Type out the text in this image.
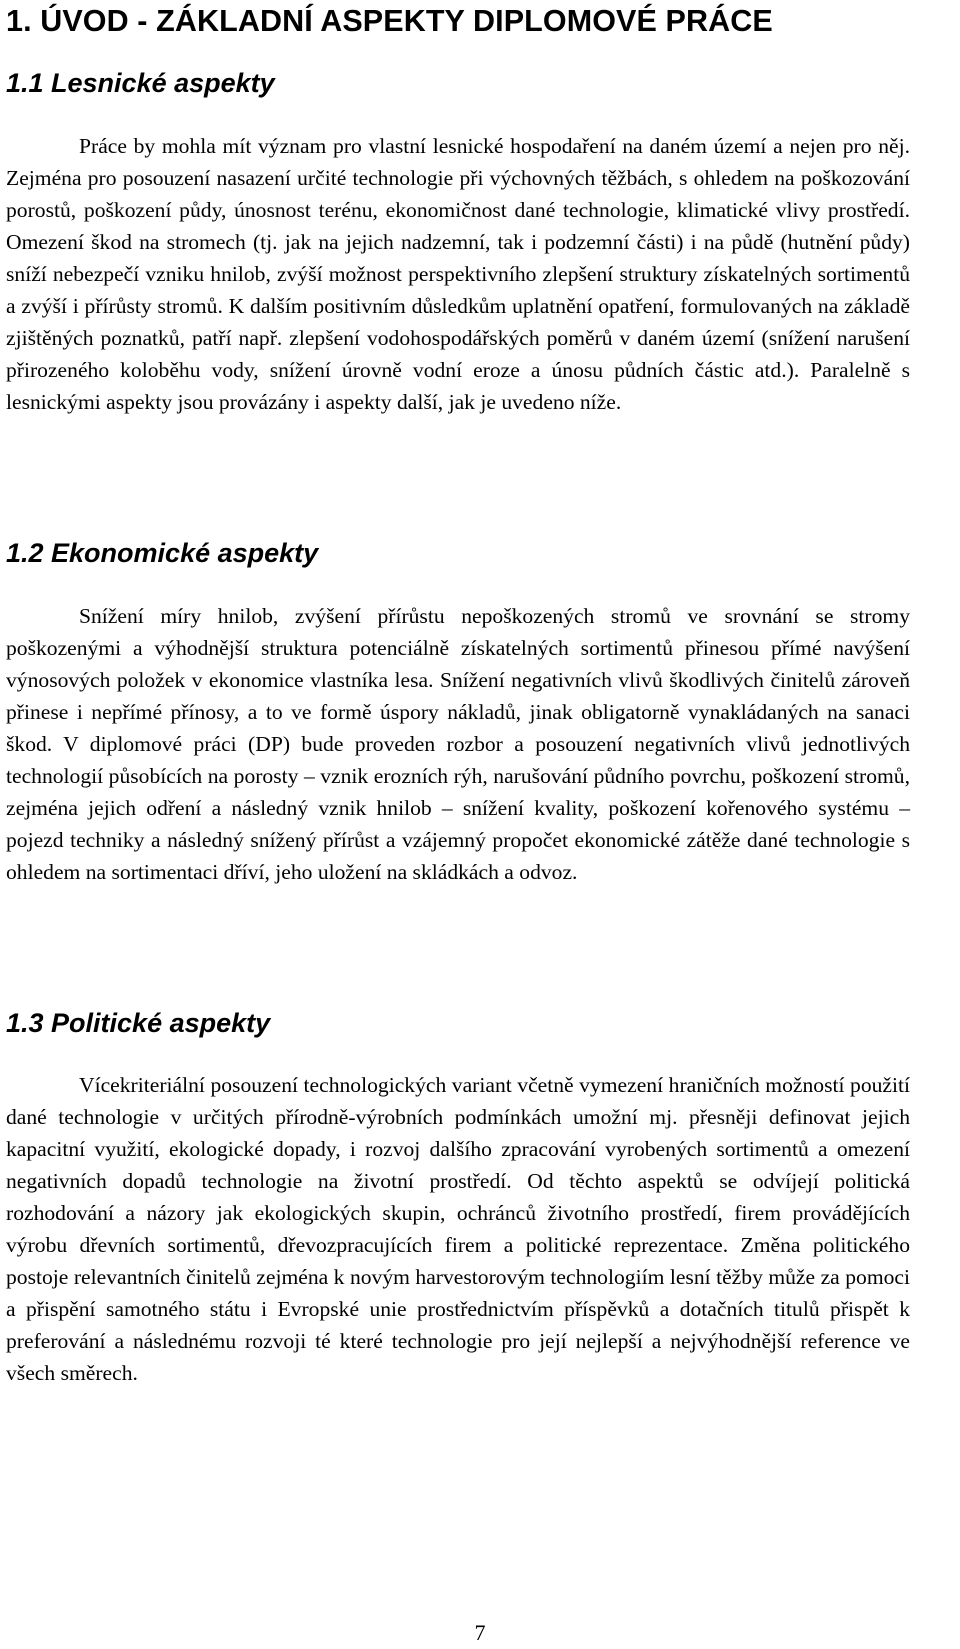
1. ÚVOD - ZÁKLADNÍ ASPEKTY DIPLOMOVÉ PRÁCE
1.1 Lesnické aspekty

Práce by mohla mít význam pro vlastní lesnické hospodaření na daném území a nejen pro něj. Zejména pro posouzení nasazení určité technologie při výchovných těžbách, s ohledem na poškozování porostů, poškození půdy, únosnost terénu, ekonomičnost dané technologie, klimatické vlivy prostředí. Omezení škod na stromech (tj. jak na jejich nadzemní, tak i podzemní části) i na půdě (hutnění půdy) sníží nebezpečí vzniku hnilob, zvýší možnost perspektivního zlepšení struktury získatelných sortimentů a zvýší i přírůsty stromů. K dalším positivním důsledkům uplatnění opatření, formulovaných na základě zjištěných poznatků, patří např. zlepšení vodohospodářských poměrů v daném území (snížení narušení přirozeného koloběhu vody, snížení úrovně vodní eroze a únosu půdních částic atd.). Paralelně s lesnickými aspekty jsou provázány i aspekty další, jak je uvedeno níže.

1.2 Ekonomické aspekty

Snížení míry hnilob, zvýšení přírůstu nepoškozených stromů ve srovnání se stromy poškozenými a výhodnější struktura potenciálně získatelných sortimentů přinesou přímé navýšení výnosových položek v ekonomice vlastníka lesa. Snížení negativních vlivů škodlivých činitelů zároveň přinese i nepřímé přínosy, a to ve formě úspory nákladů, jinak obligatorně vynakládaných na sanaci škod. V diplomové práci (DP) bude proveden rozbor a posouzení negativních vlivů jednotlivých technologií působících na porosty – vznik erozních rýh, narušování půdního povrchu, poškození stromů, zejména jejich odření a následný vznik hnilob – snížení kvality, poškození kořenového systému – pojezd techniky a následný snížený přírůst a vzájemný propočet ekonomické zátěže dané technologie s ohledem na sortimentaci dříví, jeho uložení na skládkách a odvoz.

1.3 Politické aspekty

Vícekriteriální posouzení technologických variant včetně vymezení hraničních možností použití dané technologie v určitých přírodně-výrobních podmínkách umožní mj. přesněji definovat jejich kapacitní využití, ekologické dopady, i rozvoj dalšího zpracování vyrobených sortimentů a omezení negativních dopadů technologie na životní prostředí. Od těchto aspektů se odvíjejí politická rozhodování a názory jak ekologických skupin, ochránců životního prostředí, firem provádějících výrobu dřevních sortimentů, dřevozpracujících firem a politické reprezentace. Změna politického postoje relevantních činitelů zejména k novým harvestorovým technologiím lesní těžby může za pomoci a přispění samotného státu i Evropské unie prostřednictvím příspěvků a dotačních titulů přispět k preferování a následnému rozvoji té které technologie pro její nejlepší a nejvýhodnější reference ve všech směrech.

7
